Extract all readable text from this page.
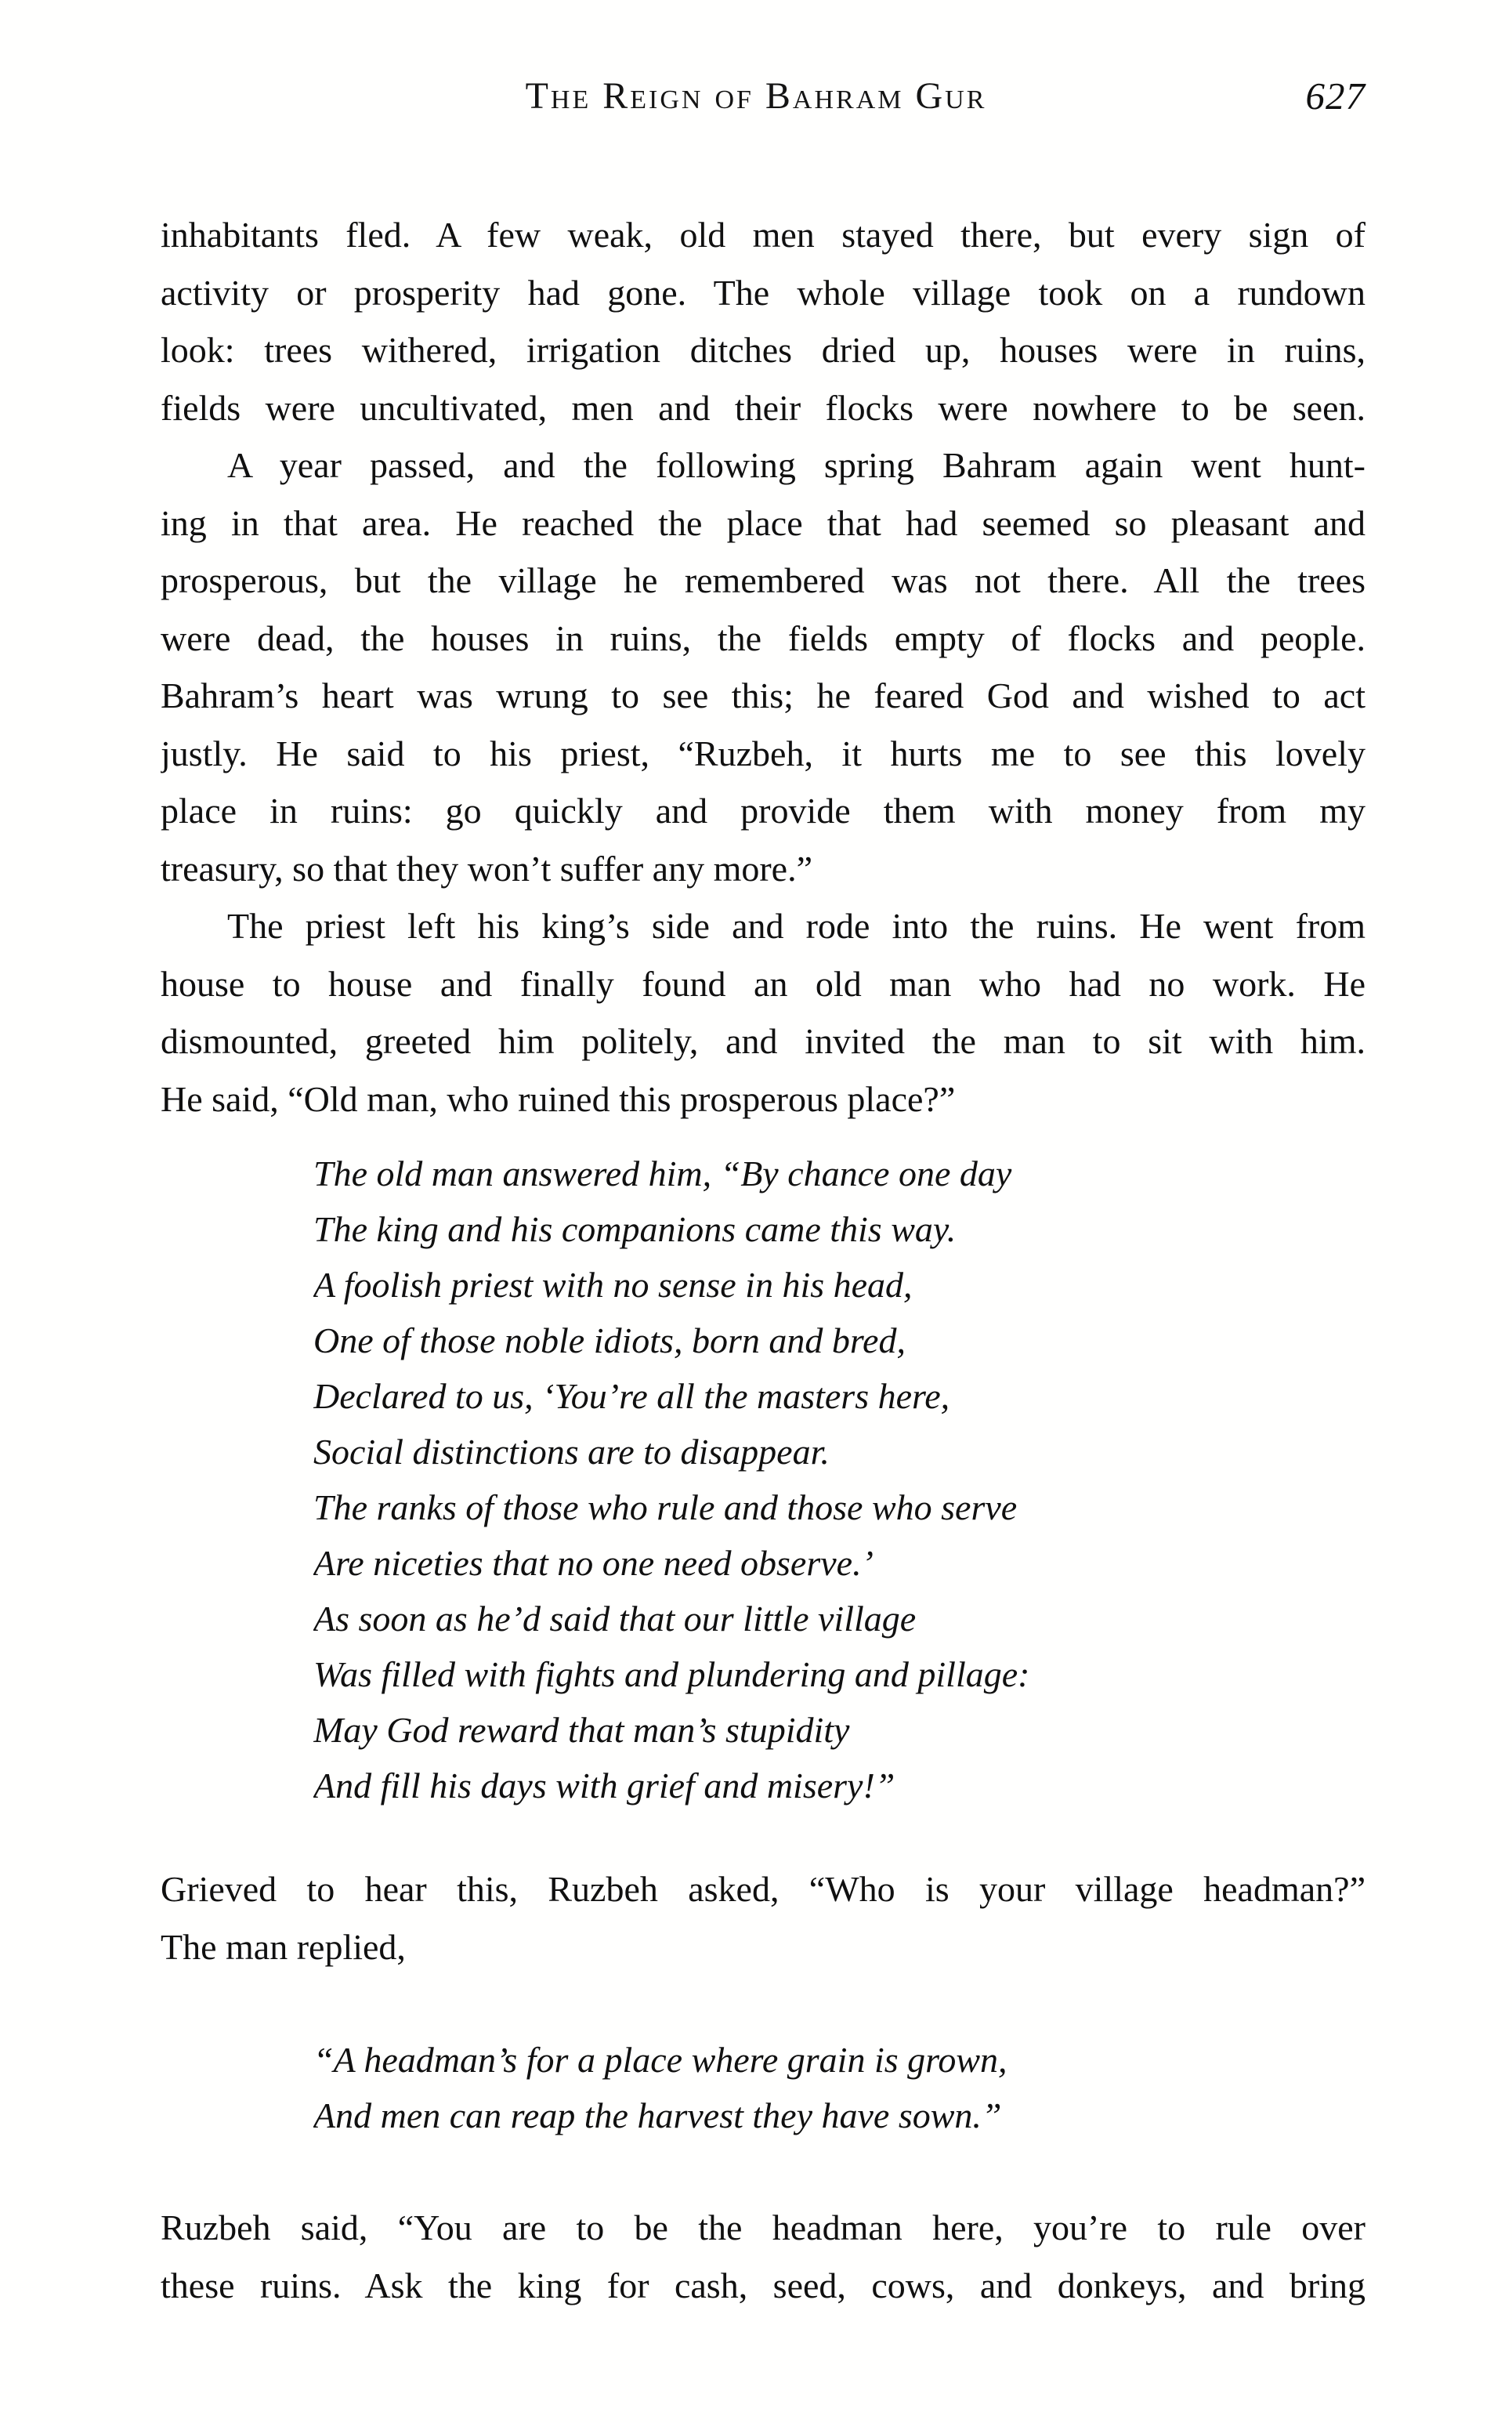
The Reign of Bahram Gur	627
inhabitants fled. A few weak, old men stayed there, but every sign of
activity or prosperity had gone. The whole village took on a rundown
look: trees withered, irrigation ditches dried up, houses were in ruins,
fields were uncultivated, men and their flocks were nowhere to be seen.
A year passed, and the following spring Bahram again went hunt-
ing in that area. He reached the place that had seemed so pleasant and
prosperous, but the village he remembered was not there. All the trees
were dead, the houses in ruins, the fields empty of flocks and people.
Bahram’s heart was wrung to see this; he feared God and wished to act
justly. He said to his priest, “Ruzbeh, it hurts me to see this lovely
place in ruins: go quickly and provide them with money from my
treasury, so that they won’t suffer any more.”
The priest left his king’s side and rode into the ruins. He went from
house to house and finally found an old man who had no work. He
dismounted, greeted him politely, and invited the man to sit with him.
He said, “Old man, who ruined this prosperous place?”
The old man answered him, “By chance one day
The king and his companions came this way.
A foolish priest with no sense in his head,
One of those noble idiots, born and bred,
Declared to us, ‘You’re all the masters here,
Social distinctions are to disappear.
The ranks of those who rule and those who serve
Are niceties that no one need observe.’
As soon as he’d said that our little village
Was filled with fights and plundering and pillage:
May God reward that man’s stupidity
And fill his days with grief and misery!”
Grieved to hear this, Ruzbeh asked, “Who is your village headman?”
The man replied,
“A headman’s for a place where grain is grown,
And men can reap the harvest they have sown.”
Ruzbeh said, “You are to be the headman here, you’re to rule over
these ruins. Ask the king for cash, seed, cows, and donkeys, and bring
